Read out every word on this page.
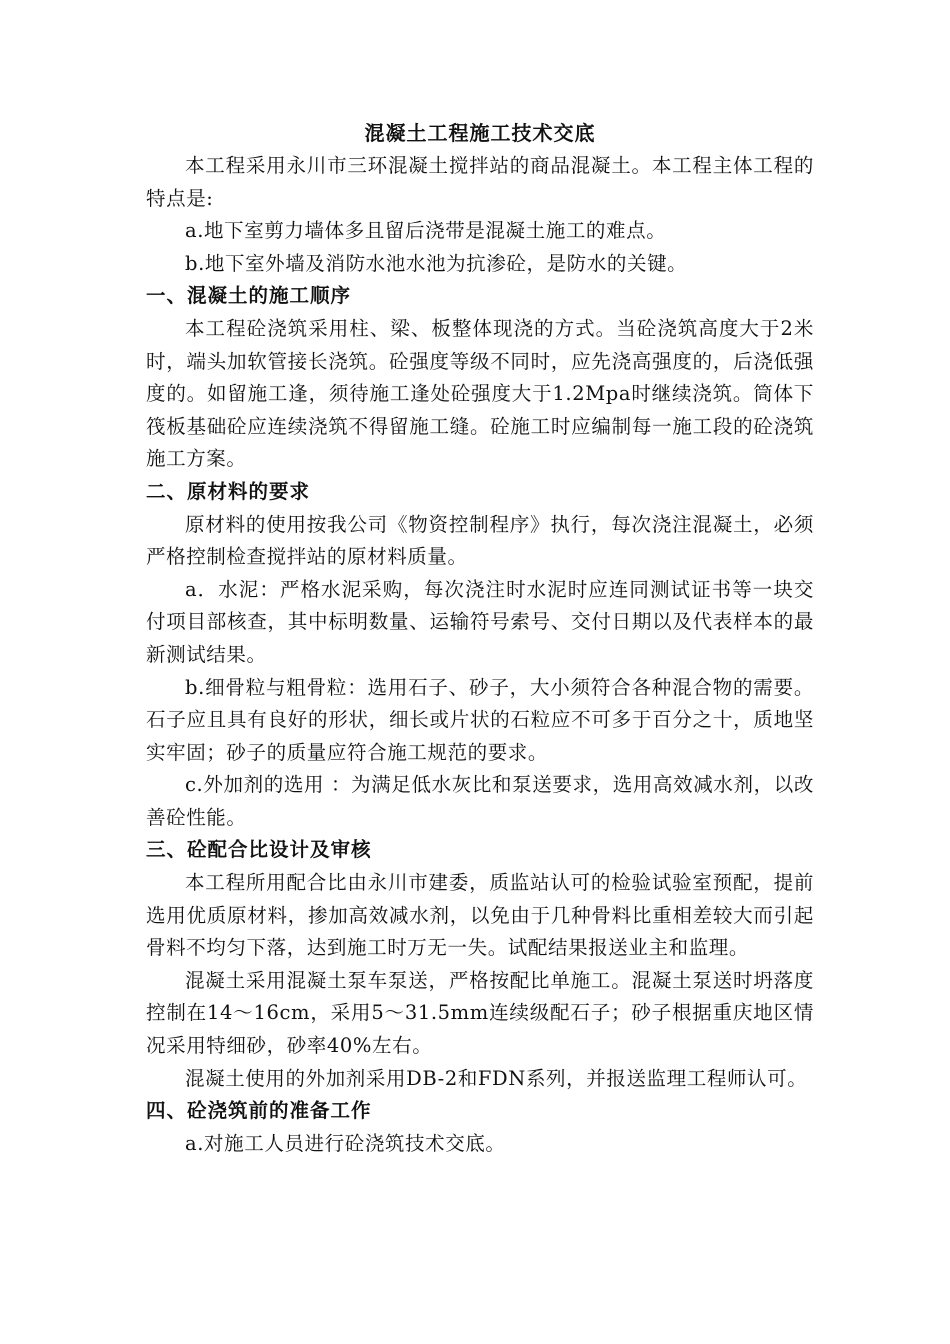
混凝土工程施工技术交底

本工程采用永川市三环混凝土搅拌站的商品混凝土。本工程主体工程的特点是:

a.地下室剪力墙体多且留后浇带是混凝土施工的难点。

b.地下室外墙及消防水池水池为抗渗砼，是防水的关键。

一、混凝土的施工顺序

本工程砼浇筑采用柱、梁、板整体现浇的方式。当砼浇筑高度大于2米时，端头加软管接长浇筑。砼强度等级不同时，应先浇高强度的，后浇低强度的。如留施工逢，须待施工逢处砼强度大于1.2Mpa时继续浇筑。筒体下筏板基础砼应连续浇筑不得留施工缝。砼施工时应编制每一施工段的砼浇筑施工方案。

二、原材料的要求

原材料的使用按我公司《物资控制程序》执行，每次浇注混凝土，必须严格控制检查搅拌站的原材料质量。

a．水泥：严格水泥采购，每次浇注时水泥时应连同测试证书等一块交付项目部核查，其中标明数量、运输符号索号、交付日期以及代表样本的最新测试结果。

b.细骨粒与粗骨粒：选用石子、砂子，大小须符合各种混合物的需要。石子应且具有良好的形状，细长或片状的石粒应不可多于百分之十，质地坚实牢固；砂子的质量应符合施工规范的要求。

c.外加剂的选用 ：为满足低水灰比和泵送要求，选用高效减水剂，以改善砼性能。

三、砼配合比设计及审核

本工程所用配合比由永川市建委，质监站认可的检验试验室预配，提前选用优质原材料，掺加高效减水剂，以免由于几种骨料比重相差较大而引起骨料不均匀下落，达到施工时万无一失。试配结果报送业主和监理。

混凝土采用混凝土泵车泵送，严格按配比单施工。混凝土泵送时坍落度控制在14～16cm，采用5～31.5mm连续级配石子；砂子根据重庆地区情况采用特细砂，砂率40%左右。

混凝土使用的外加剂采用DB-2和FDN系列，并报送监理工程师认可。

四、砼浇筑前的准备工作

a.对施工人员进行砼浇筑技术交底。
